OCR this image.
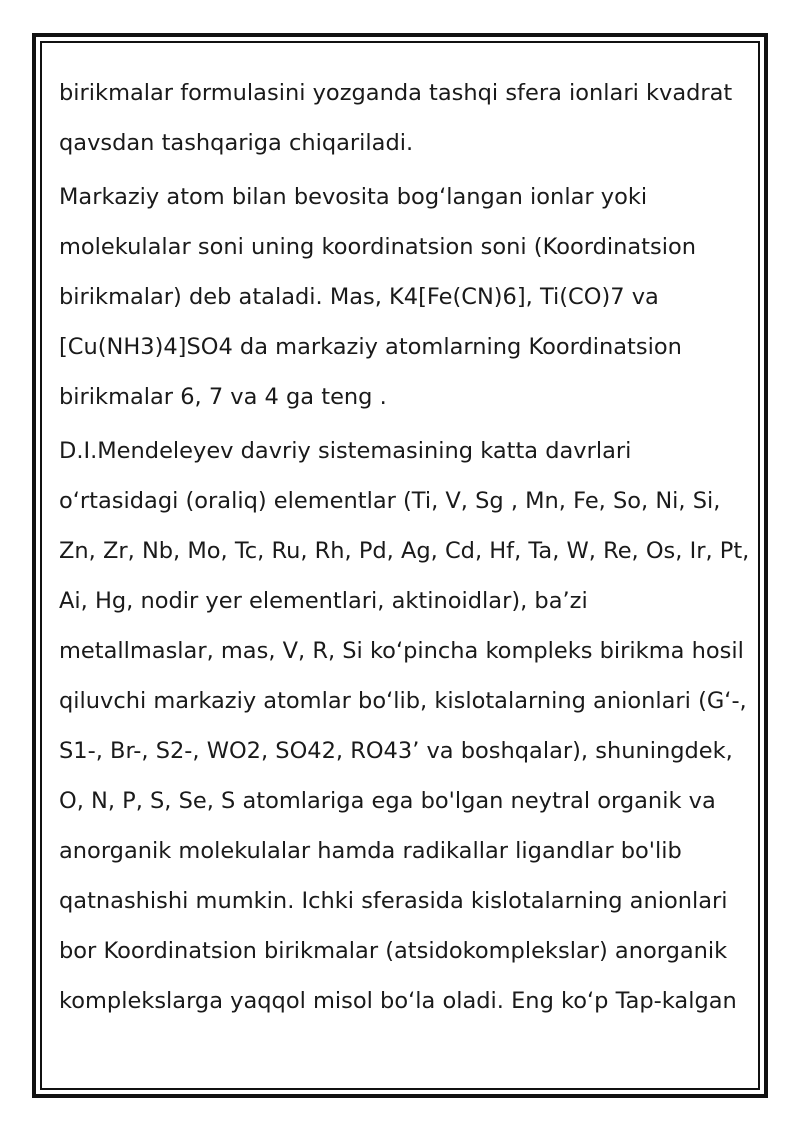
birikmalar formulasini yozganda tashqi sfera ionlari kvadrat
qavsdan tashqariga chiqariladi.

Markaziy atom bilan bevosita bog‘langan ionlar yoki
molekulalar soni uning koordinatsion soni (Koordinatsion
birikmalar) deb ataladi. Mas, K4[Fe(CN)6], Ti(CO)7 va
[Cu(NH3)4]SO4 da markaziy atomlarning Koordinatsion
birikmalar 6, 7 va 4 ga teng .

D.I.Mendeleyev davriy sistemasining katta davrlari
o‘rtasidagi (oraliq) elementlar (Ti, V, Sg , Mn, Fe, So, Ni, Si,
Zn, Zr, Nb, Mo, Tc, Ru, Rh, Pd, Ag, Cd, Hf, Ta, W, Re, Os, Ir, Pt,
Ai, Hg, nodir yer elementlari, aktinoidlar), ba’zi
metallmaslar, mas, V, R, Si ko‘pincha kompleks birikma hosil
qiluvchi markaziy atomlar bo‘lib, kislotalarning anionlari (G‘-,
S1-, Br-, S2-, WO2, SO42, RO43’ va boshqalar), shuningdek,
O, N, P, S, Se, S atomlariga ega bo'lgan neytral organik va
anorganik molekulalar hamda radikallar ligandlar bo'lib
qatnashishi mumkin. Ichki sferasida kislotalarning anionlari
bor Koordinatsion birikmalar (atsidokomplekslar) anorganik
komplekslarga yaqqol misol bo‘la oladi. Eng ko‘p Tap-kalgan
